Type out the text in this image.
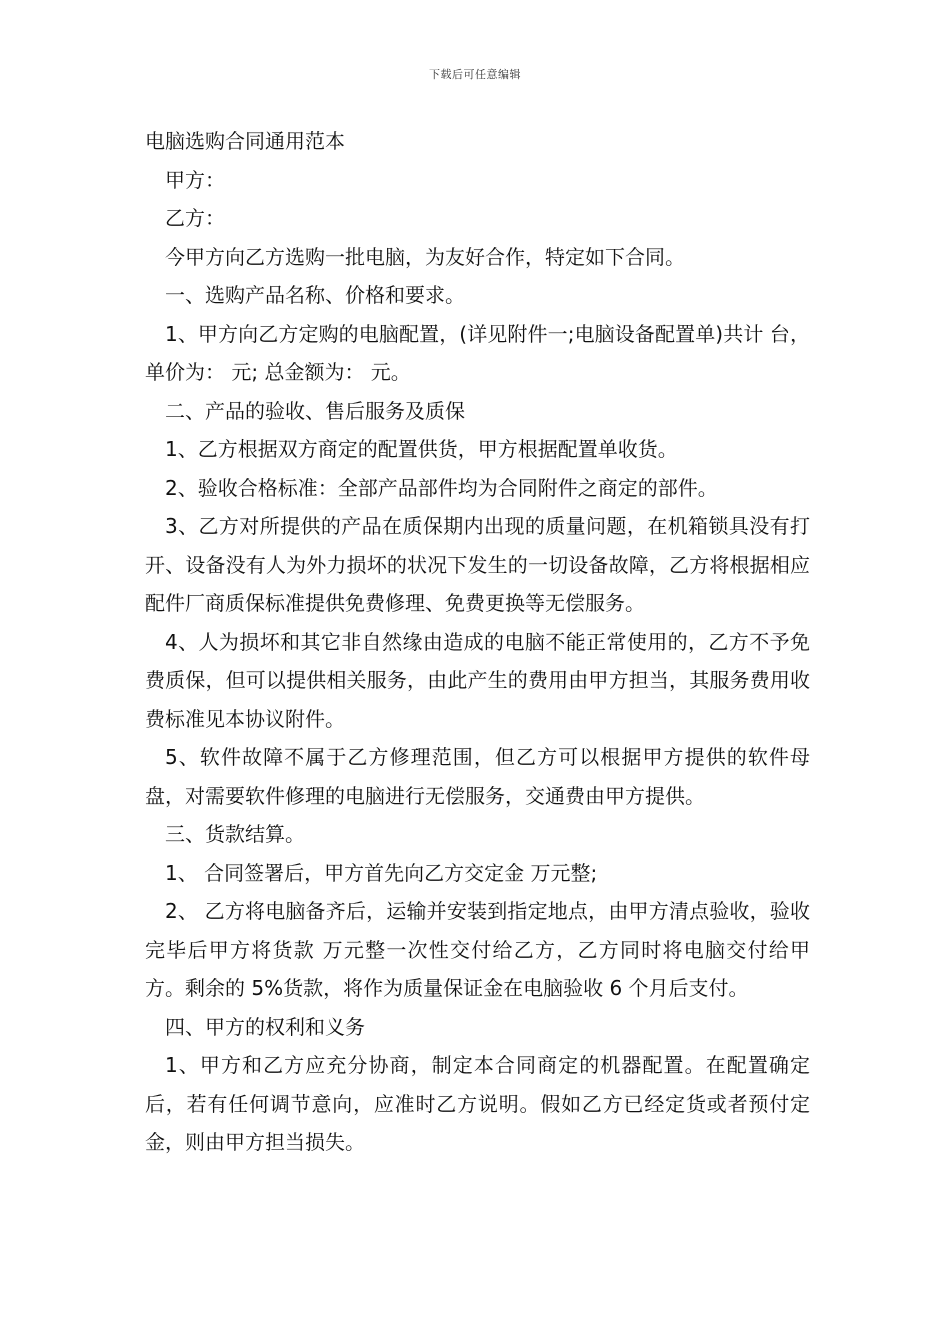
下载后可任意编辑
电脑选购合同通用范本

甲方：

乙方：

今甲方向乙方选购一批电脑，为友好合作，特定如下合同。

一、选购产品名称、价格和要求。

1、甲方向乙方定购的电脑配置，(详见附件一;电脑设备配置单)共计 台，单价为： 元; 总金额为： 元。

二、产品的验收、售后服务及质保

1、乙方根据双方商定的配置供货，甲方根据配置单收货。

2、验收合格标准：全部产品部件均为合同附件之商定的部件。

3、乙方对所提供的产品在质保期内出现的质量问题，在机箱锁具没有打开、设备没有人为外力损坏的状况下发生的一切设备故障，乙方将根据相应配件厂商质保标准提供免费修理、免费更换等无偿服务。

4、人为损坏和其它非自然缘由造成的电脑不能正常使用的，乙方不予免费质保，但可以提供相关服务，由此产生的费用由甲方担当，其服务费用收费标准见本协议附件。

5、软件故障不属于乙方修理范围，但乙方可以根据甲方提供的软件母盘，对需要软件修理的电脑进行无偿服务，交通费由甲方提供。

三、货款结算。

1、 合同签署后，甲方首先向乙方交定金 万元整;

2、 乙方将电脑备齐后，运输并安装到指定地点，由甲方清点验收，验收完毕后甲方将货款 万元整一次性交付给乙方，乙方同时将电脑交付给甲方。剩余的 5%货款，将作为质量保证金在电脑验收 6 个月后支付。

四、甲方的权利和义务

1、甲方和乙方应充分协商，制定本合同商定的机器配置。在配置确定后，若有任何调节意向，应准时乙方说明。假如乙方已经定货或者预付定金，则由甲方担当损失。
